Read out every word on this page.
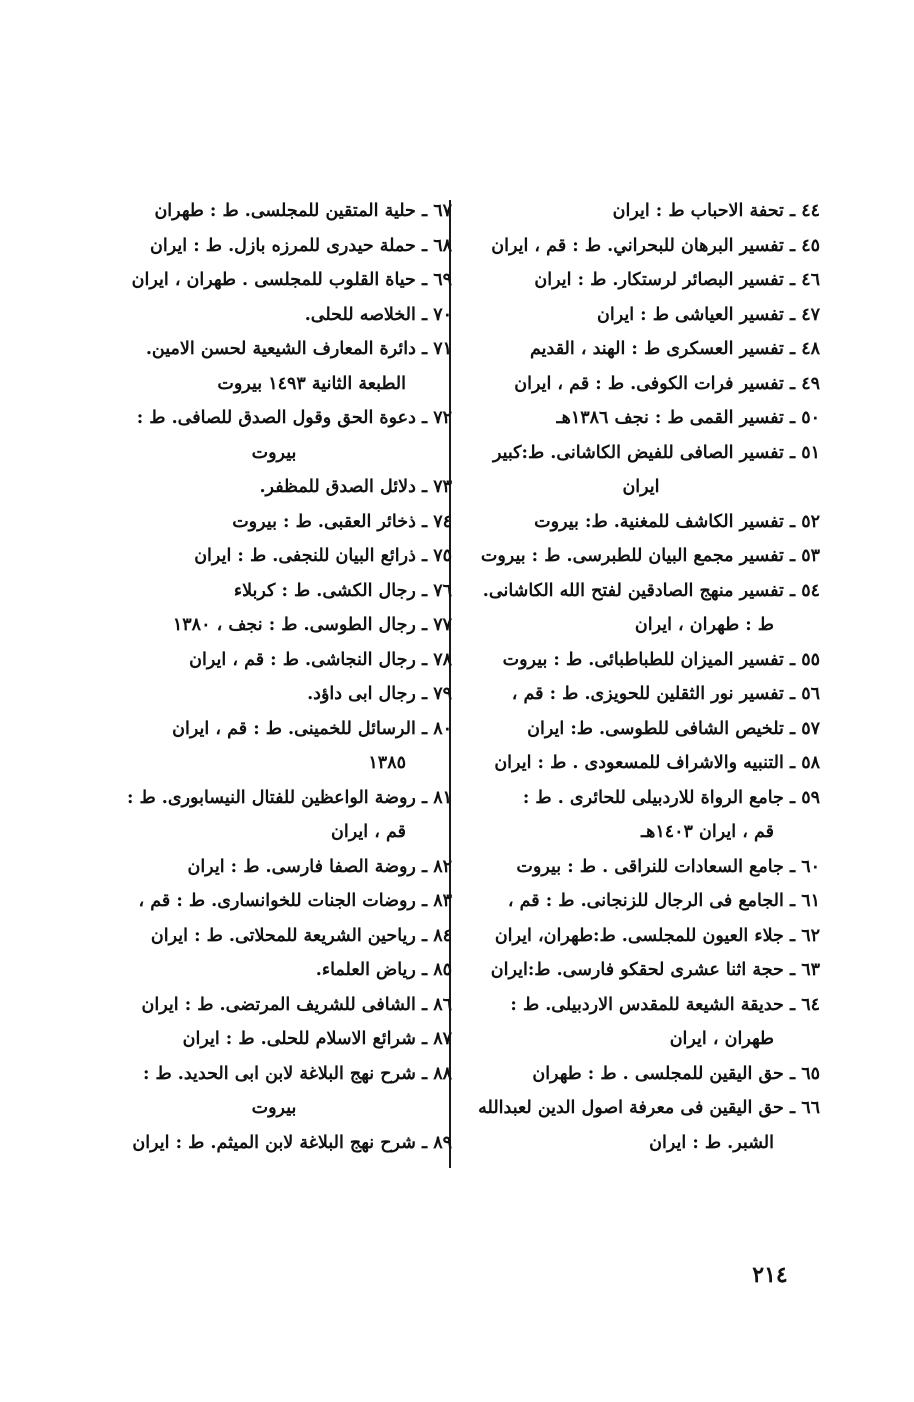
٤٤ ـ تحفة الاحباب ط : ايران
٤٥ ـ تفسير البرهان للبحراني. ط : قم ، ايران
٤٦ ـ تفسير البصائر لرستكار. ط : ايران
٤٧ ـ تفسير العياشى ط : ايران
٤٨ ـ تفسير العسكرى ط : الهند ، القديم
٤٩ ـ تفسير فرات الكوفى. ط : قم ، ايران
٥٠ ـ تفسير القمى ط : نجف ١٣٨٦هـ
٥١ ـ تفسير الصافى للفيض الكاشانى. ط:كبير
ايران
٥٢ ـ تفسير الكاشف للمغنية. ط: بيروت
٥٣ ـ تفسير مجمع البيان للطبرسى. ط : بيروت
٥٤ ـ تفسير منهج الصادقين لفتح الله الكاشانى.
ط : طهران ، ايران
٥٥ ـ تفسير الميزان للطباطبائى. ط : بيروت
٥٦ ـ تفسير نور الثقلين للحويزى. ط : قم ،
٥٧ ـ تلخيص الشافى للطوسى. ط: ايران
٥٨ ـ التنبيه والاشراف للمسعودى . ط : ايران
٥٩ ـ جامع الرواة للاردبيلى للحائرى . ط :
قم ، ايران ١٤٠٣هـ
٦٠ ـ جامع السعادات للنراقى . ط : بيروت
٦١ ـ الجامع فى الرجال للزنجانى. ط : قم ،
٦٢ ـ جلاء العيون للمجلسى. ط:طهران، ايران
٦٣ ـ حجة اثنا عشرى لحقكو فارسى. ط:ايران
٦٤ ـ حديقة الشيعة للمقدس الاردبيلى. ط :
طهران ، ايران
٦٥ ـ حق اليقين للمجلسى . ط : طهران
٦٦ ـ حق اليقين فى معرفة اصول الدين لعبدالله
الشبر. ط : ايران
٦٧ ـ حلية المتقين للمجلسى. ط : طهران
٦٨ ـ حملة حيدرى للمرزه بازل. ط : ايران
٦٩ ـ حياة القلوب للمجلسى . طهران ، ايران
٧٠ ـ الخلاصه للحلى.
٧١ ـ دائرة المعارف الشيعية لحسن الامين.
الطبعة الثانية ١٤٩٣ بيروت
٧٢ ـ دعوة الحق وقول الصدق للصافى. ط :
بيروت
٧٣ ـ دلائل الصدق للمظفر.
٧٤ ـ ذخائر العقبى. ط : بيروت
٧٥ ـ ذرائع البيان للنجفى. ط : ايران
٧٦ ـ رجال الكشى. ط : كربلاء
٧٧ ـ رجال الطوسى. ط : نجف ، ١٣٨٠
٧٨ ـ رجال النجاشى. ط : قم ، ايران
٧٩ ـ رجال ابى داؤد.
٨٠ ـ الرسائل للخمينى. ط : قم ، ايران
١٣٨٥
٨١ ـ روضة الواعظين للفتال النيسابورى. ط :
قم ، ايران
٨٢ ـ روضة الصفا فارسى. ط : ايران
٨٣ ـ روضات الجنات للخوانسارى. ط : قم ،
٨٤ ـ رياحين الشريعة للمحلاتى. ط : ايران
٨٥ ـ رياض العلماء.
٨٦ ـ الشافى للشريف المرتضى. ط : ايران
٨٧ ـ شرائع الاسلام للحلى. ط : ايران
٨٨ ـ شرح نهج البلاغة لابن ابى الحديد. ط :
بيروت
٨٩ ـ شرح نهج البلاغة لابن الميثم. ط : ايران
٢١٤
